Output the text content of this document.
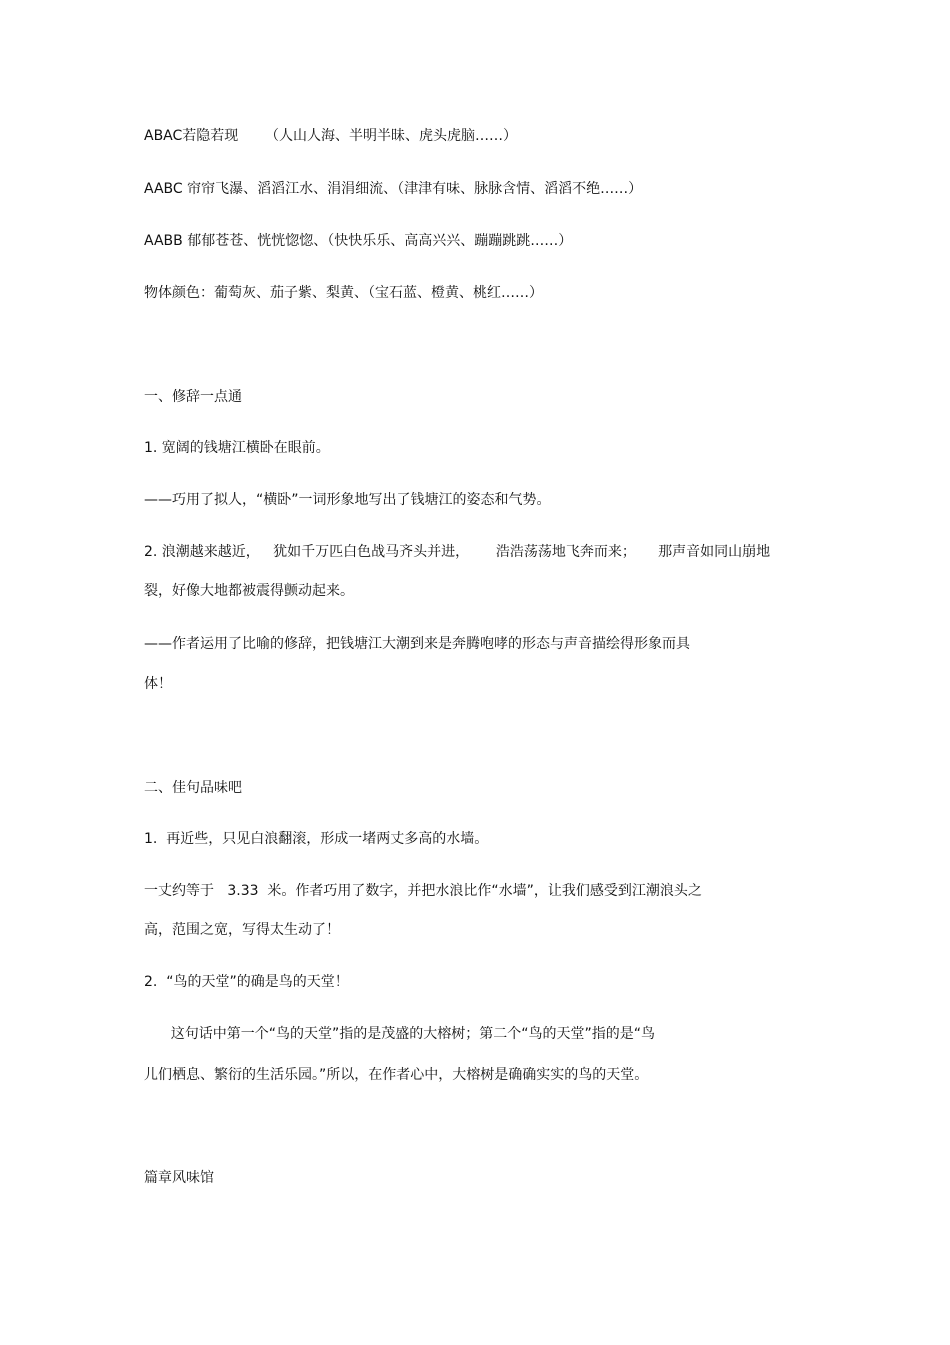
ABAC若隐若现      （人山人海、半明半昧、虎头虎脑……）

AABC 帘帘飞瀑、滔滔江水、涓涓细流、（津津有味、脉脉含情、滔滔不绝……）

AABB 郁郁苍苍、恍恍惚惚、（快快乐乐、高高兴兴、蹦蹦跳跳……）

物体颜色：葡萄灰、茄子紫、梨黄、（宝石蓝、橙黄、桃红……）

一、修辞一点通

1. 宽阔的钱塘江横卧在眼前。

——巧用了拟人，“横卧”一词形象地写出了钱塘江的姿态和气势。

2. 浪潮越来越近，   犹如千万匹白色战马齐头并进，      浩浩荡荡地飞奔而来；     那声音如同山崩地

裂，好像大地都被震得颤动起来。

——作者运用了比喻的修辞，把钱塘江大潮到来是奔腾咆哮的形态与声音描绘得形象而具

体！

二、佳句品味吧

1.  再近些，只见白浪翻滚，形成一堵两丈多高的水墙。

一丈约等于   3.33  米。作者巧用了数字，并把水浪比作“水墙”，让我们感受到江潮浪头之

高，范围之宽，写得太生动了！

2.  “鸟的天堂”的确是鸟的天堂！

这句话中第一个“鸟的天堂”指的是茂盛的大榕树；第二个“鸟的天堂”指的是“鸟

儿们栖息、繁衍的生活乐园。”所以，在作者心中，大榕树是确确实实的鸟的天堂。

篇章风味馆
